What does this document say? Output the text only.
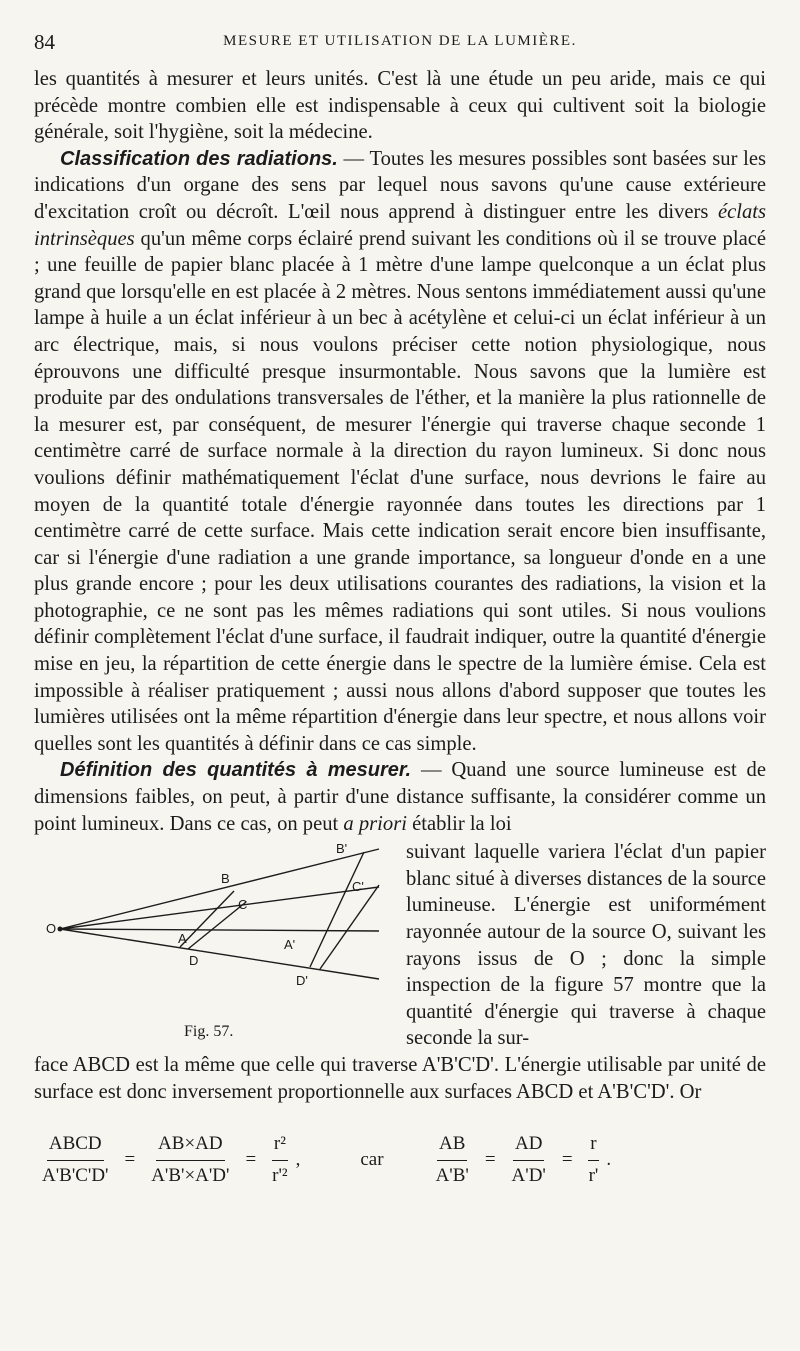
84	MESURE ET UTILISATION DE LA LUMIÈRE.

les quantités à mesurer et leurs unités. C'est là une étude un peu aride, mais ce qui précède montre combien elle est indispensable à ceux qui cultivent soit la biologie générale, soit l'hygiène, soit la médecine.

Classification des radiations. — Toutes les mesures possibles sont basées sur les indications d'un organe des sens par lequel nous savons qu'une cause extérieure d'excitation croît ou décroît. L'œil nous apprend à distinguer entre les divers éclats intrinsèques qu'un même corps éclairé prend suivant les conditions où il se trouve placé ; une feuille de papier blanc placée à 1 mètre d'une lampe quelconque a un éclat plus grand que lorsqu'elle en est placée à 2 mètres. Nous sentons immédiatement aussi qu'une lampe à huile a un éclat inférieur à un bec à acétylène et celui-ci un éclat inférieur à un arc électrique, mais, si nous voulons préciser cette notion physiologique, nous éprouvons une difficulté presque insurmontable. Nous savons que la lumière est produite par des ondulations transversales de l'éther, et la manière la plus rationnelle de la mesurer est, par conséquent, de mesurer l'énergie qui traverse chaque seconde 1 centimètre carré de surface normale à la direction du rayon lumineux. Si donc nous voulions définir mathématiquement l'éclat d'une surface, nous devrions le faire au moyen de la quantité totale d'énergie rayonnée dans toutes les directions par 1 centimètre carré de cette surface. Mais cette indication serait encore bien insuffisante, car si l'énergie d'une radiation a une grande importance, sa longueur d'onde en a une plus grande encore ; pour les deux utilisations courantes des radiations, la vision et la photographie, ce ne sont pas les mêmes radiations qui sont utiles. Si nous voulions définir complètement l'éclat d'une surface, il faudrait indiquer, outre la quantité d'énergie mise en jeu, la répartition de cette énergie dans le spectre de la lumière émise. Cela est impossible à réaliser pratiquement ; aussi nous allons d'abord supposer que toutes les lumières utilisées ont la même répartition d'énergie dans leur spectre, et nous allons voir quelles sont les quantités à définir dans ce cas simple.

Définition des quantités à mesurer. — Quand une source lumineuse est de dimensions faibles, on peut, à partir d'une distance suffisante, la considérer comme un point lumineux. Dans ce cas, on peut a priori établir la loi

O
A
B
C
D
A'
B'
C'
D'
Fig. 57.
suivant laquelle variera l'éclat d'un papier blanc situé à diverses distances de la source lumineuse. L'énergie est uniformément rayonnée autour de la source O, suivant les rayons issus de O ; donc la simple inspection de la figure 57 montre que la quantité d'énergie qui traverse à chaque seconde la sur-

face ABCD est la même que celle qui traverse A'B'C'D'. L'énergie utilisable par unité de surface est donc inversement proportionnelle aux surfaces ABCD et A'B'C'D'. Or

$\frac{\text{ABCD}}{A'B'C'D'} = \frac{AB\times AD}{A'B'\times A'D'} = \frac{\text{r²}}{\text{r'²}}$ ,	car	$\frac{AB}{A'B'} = \frac{AD}{A'D'} = \frac{r}{r'}$ .
